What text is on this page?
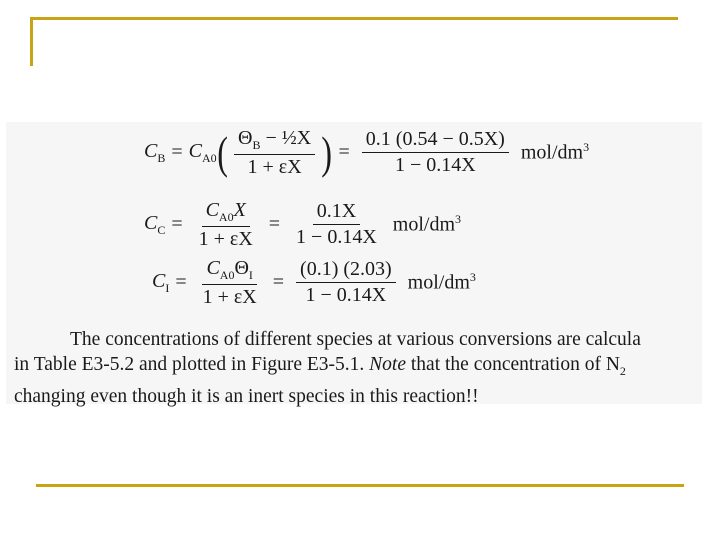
$C_B = C_{A0}$ ( $\frac{\Theta_B - \frac{1}{2}X}{1 + \varepsilon X}$ ) = $\frac{0.1 (0.54 - 0.5X)}{1 - 0.14X} mol/dm^3$
$C_C = \frac{C_{A0}X}{1 + \varepsilon X} = \frac{0.1X}{1 - 0.14X} mol/dm^3$
$C_I = \frac{C_{A0}\Theta_I}{1 + \varepsilon X} = \frac{(0.1) (2.03)}{1 - 0.14X} mol/dm^3$
The concentrations of different species at various conversions are calcula
in Table E3-5.2 and plotted in Figure E3-5.1. Note that the concentration of $N_2$
changing even though it is an inert species in this reaction!!
